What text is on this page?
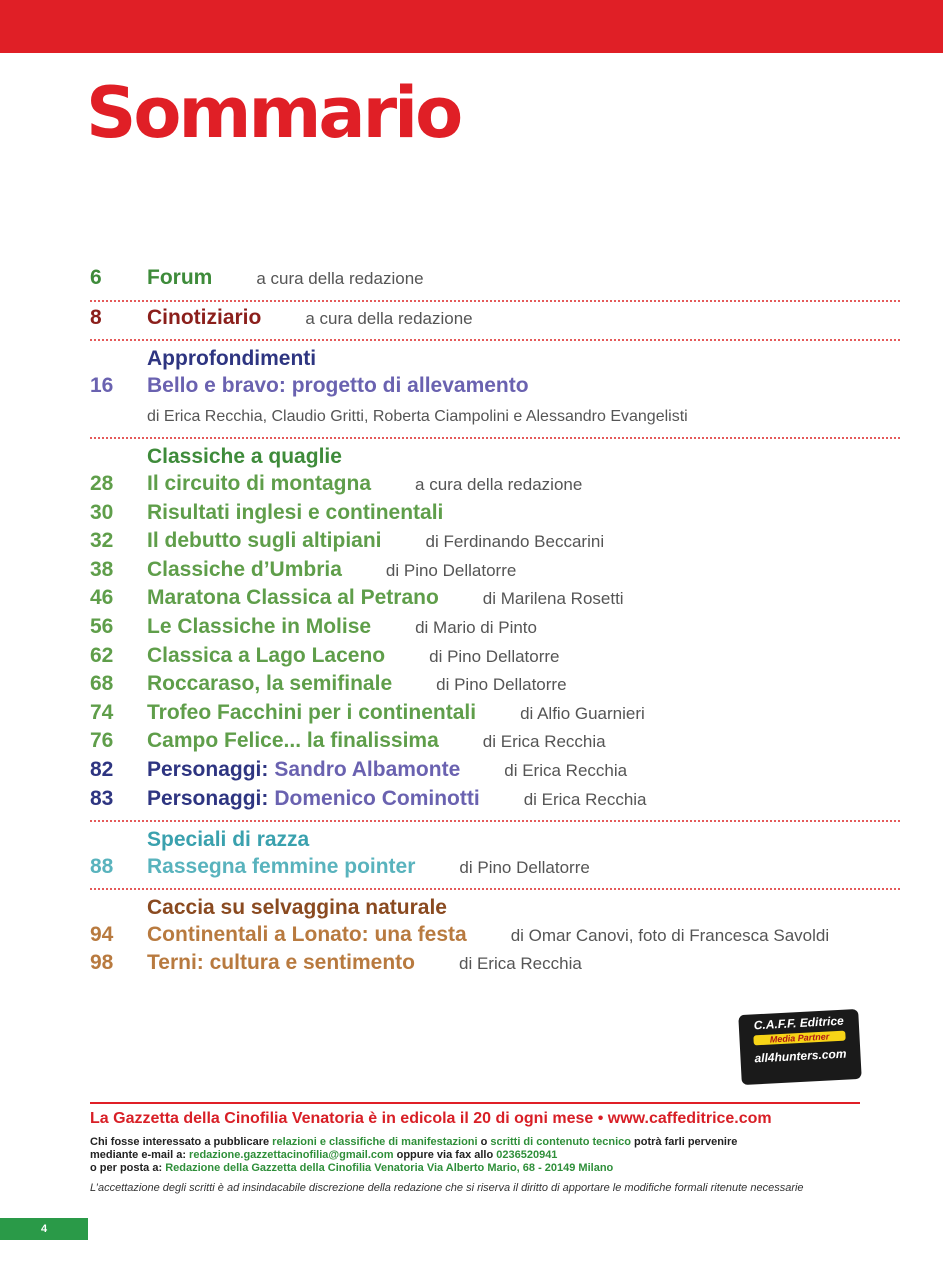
Sommario
6	Forum	a cura della redazione
8	Cinotiziario	a cura della redazione
Approfondimenti
16	Bello e bravo: progetto di allevamento
di Erica Recchia, Claudio Gritti, Roberta Ciampolini e Alessandro Evangelisti
Classiche a quaglie
28	Il circuito di montagna	a cura della redazione
30	Risultati inglesi e continentali
32	Il debutto sugli altipiani	di Ferdinando Beccarini
38	Classiche d’Umbria	di Pino Dellatorre
46	Maratona Classica al Petrano	di Marilena Rosetti
56	Le Classiche in Molise	di Mario di Pinto
62	Classica a Lago Laceno	di Pino Dellatorre
68	Roccaraso, la semifinale	di Pino Dellatorre
74	Trofeo Facchini per i continentali	di Alfio Guarnieri
76	Campo Felice... la finalissima	di Erica Recchia
82	Personaggi: Sandro Albamonte	di Erica Recchia
83	Personaggi: Domenico Cominotti	di Erica Recchia
Speciali di razza
88	Rassegna femmine pointer	di Pino Dellatorre
Caccia su selvaggina naturale
94	Continentali a Lonato: una festa	di Omar Canovi, foto di Francesca Savoldi
98	Terni: cultura e sentimento	di Erica Recchia
C.A.F.F. Editrice
Media Partner
all4hunters.com
La Gazzetta della Cinofilia Venatoria è in edicola il 20 di ogni mese • www.caffeditrice.com
Chi fosse interessato a pubblicare relazioni e classifiche di manifestazioni o scritti di contenuto tecnico potrà farli pervenire
mediante e-mail a: redazione.gazzettacinofilia@gmail.com oppure via fax allo 0236520941
o per posta a: Redazione della Gazzetta della Cinofilia Venatoria Via Alberto Mario, 68 - 20149 Milano
L’accettazione degli scritti è ad insindacabile discrezione della redazione che si riserva il diritto di apportare le modifiche formali ritenute necessarie
4
